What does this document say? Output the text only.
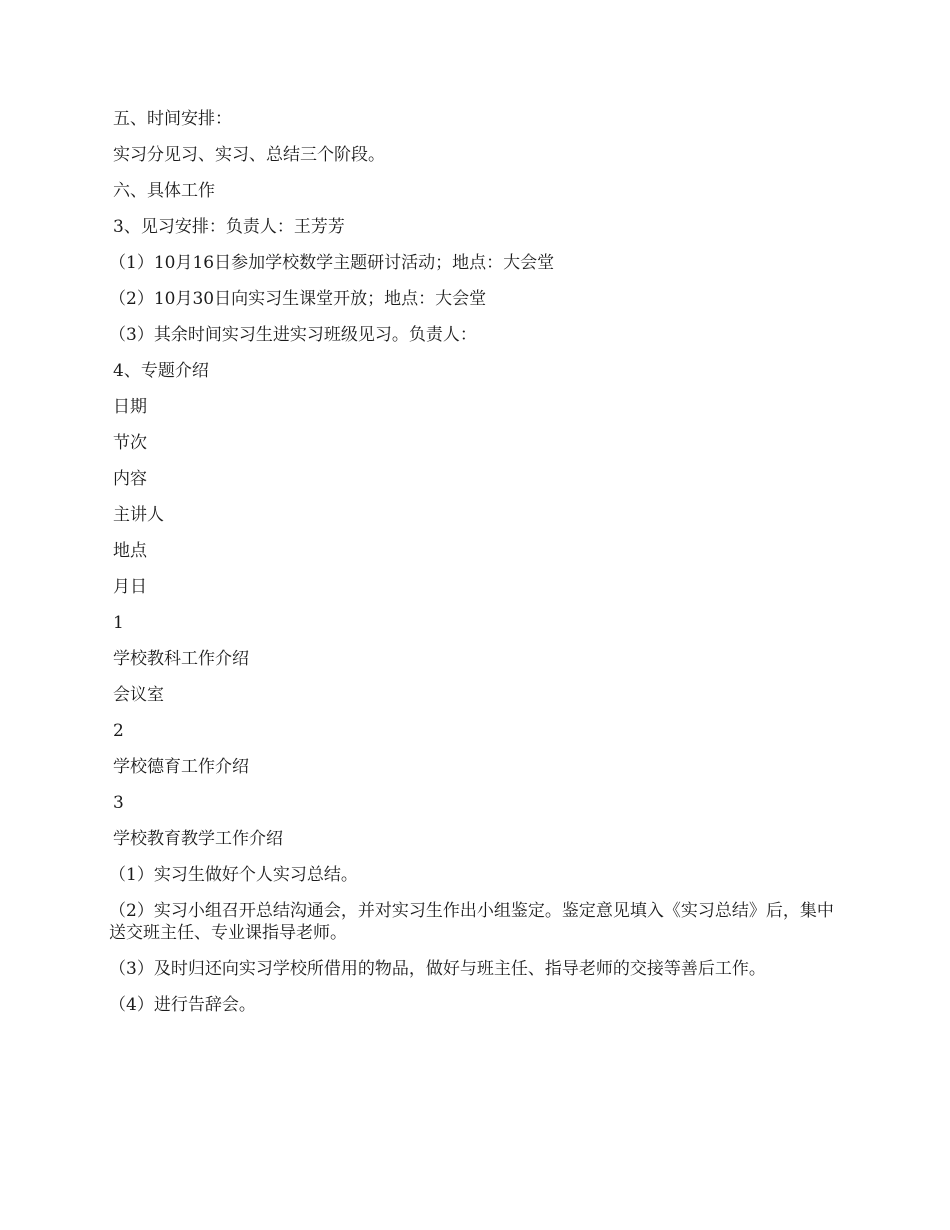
五、时间安排：

实习分见习、实习、总结三个阶段。

六、具体工作

3、见习安排：负责人：王芳芳

（1）10月16日参加学校数学主题研讨活动；地点：大会堂

（2）10月30日向实习生课堂开放；地点：大会堂

（3）其余时间实习生进实习班级见习。负责人：

4、专题介绍

日期

节次

内容

主讲人

地点

月日

1

学校教科工作介绍

会议室

2

学校德育工作介绍

3

学校教育教学工作介绍

（1）实习生做好个人实习总结。

（2）实习小组召开总结沟通会，并对实习生作出小组鉴定。鉴定意见填入《实习总结》后，集中送交班主任、专业课指导老师。

（3）及时归还向实习学校所借用的物品，做好与班主任、指导老师的交接等善后工作。

（4）进行告辞会。
